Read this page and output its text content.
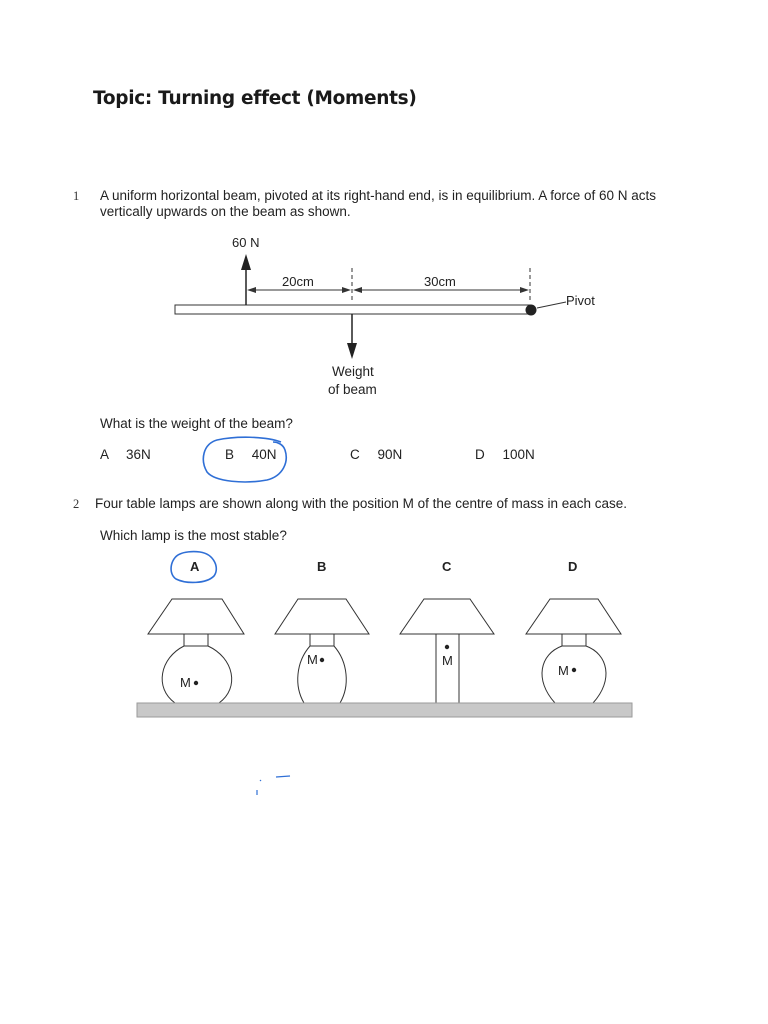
Topic: Turning effect (Moments)
1 A uniform horizontal beam, pivoted at its right-hand end, is in equilibrium. A force of 60 N acts
vertically upwards on the beam as shown.
60 N
20cm	30cm
Pivot
Weight
of beam
What is the weight of the beam?
A 36N	B 40N	C 90N	D 100N
2 Four table lamps are shown along with the position M of the centre of mass in each case.
Which lamp is the most stable?
A	B	C	D
M
M	M
M
